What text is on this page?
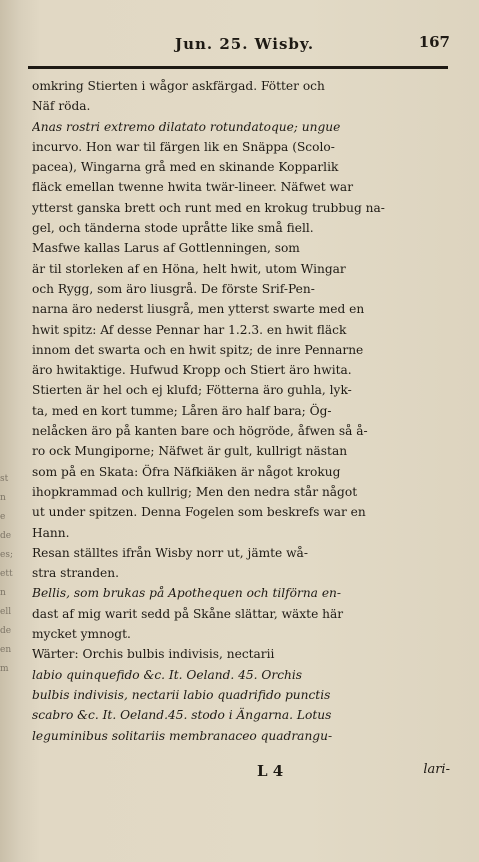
st
n
e
de
es;
ett
n
ell
de
en
m
Jun. 25. Wisby.	167
omkring Stierten i wågor askfärgad. Fötter och
Näf röda.
Anas rostri extremo dilatato rotundatoque; ungue
incurvo. Hon war til färgen lik en Snäppa (Scolo-
pacea), Wingarna grå med en skinande Kopparlik
fläck emellan twenne hwita twär-lineer. Näfwet war
ytterst ganska brett och runt med en krokug trubbug na-
gel, och tänderna stode upråtte like små fiell.
Masfwe kallas Larus af Gottlenningen, som
är til storleken af en Höna, helt hwit, utom Wingar
och Rygg, som äro liusgrå. De förste Srif-Pen-
narna äro nederst liusgrå, men ytterst swarte med en
hwit spitz: Af desse Pennar har 1.2.3. en hwit fläck
innom det swarta och en hwit spitz; de inre Pennarne
äro hwitaktige. Hufwud Kropp och Stiert äro hwita.
Stierten är hel och ej klufd; Fötterna äro guhla, lyk-
ta, med en kort tumme; Låren äro half bara; Ög-
nelåcken äro på kanten bare och högröde, åfwen så å-
ro ock Mungiporne; Näfwet är gult, kullrigt nästan
som på en Skata: Öfra Näfkiäken är något krokug
ihopkrammad och kullrig; Men den nedra står något
ut under spitzen. Denna Fogelen som beskrefs war en
Hann.
Resan ställtes ifrån Wisby norr ut, jämte wå-
stra stranden.
Bellis, som brukas på Apothequen och tilförna en-
dast af mig warit sedd på Skåne slättar, wäxte här
mycket ymnogt.
Wärter: Orchis bulbis indivisis, nectarii
labio quinquefido &c. It. Oeland. 45. Orchis
bulbis indivisis, nectarii labio quadrifido punctis
scabro &c. It. Oeland.45. stodo i Ängarna. Lotus
leguminibus solitariis membranaceo quadrangu-
L 4	lari-
